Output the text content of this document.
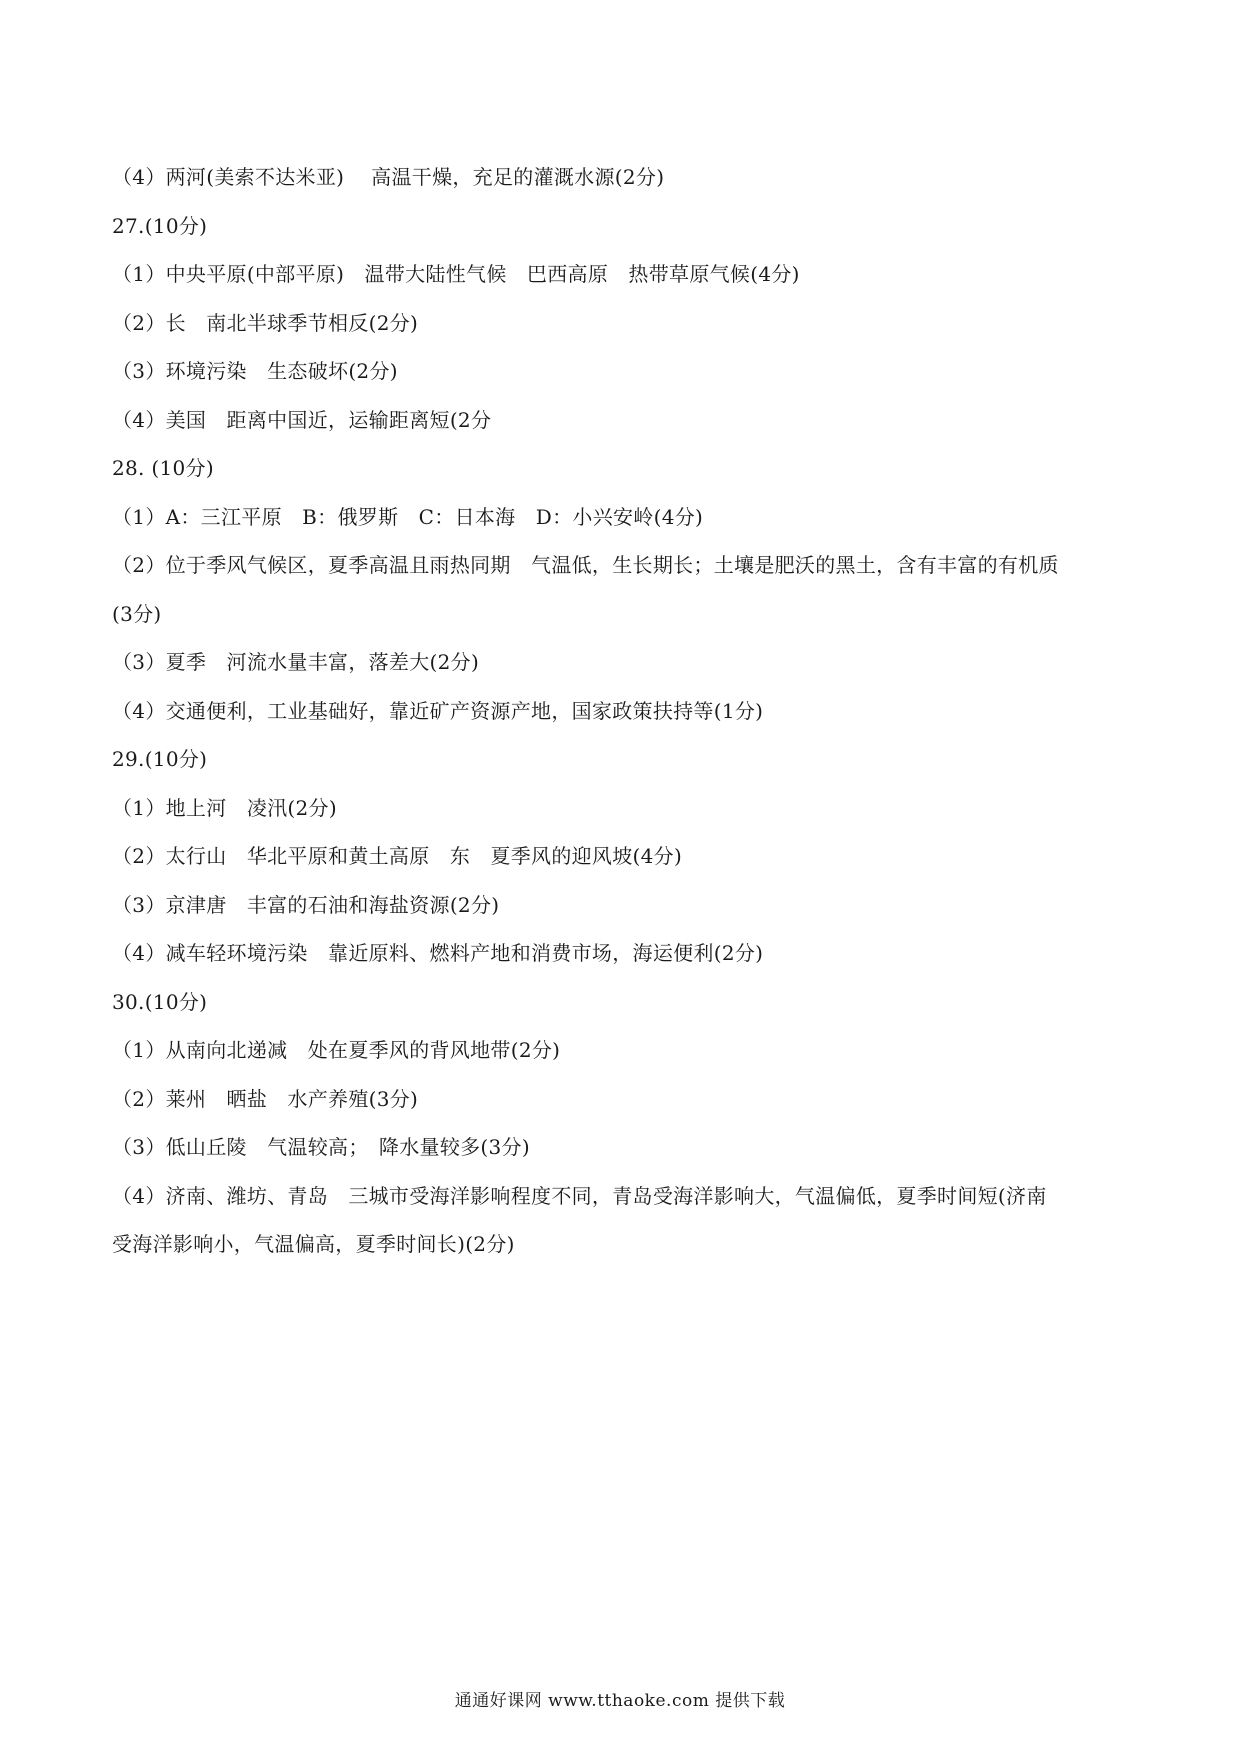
（4）两河(美索不达米亚)　 高温干燥，充足的灌溉水源(2分)
27.(10分)
（1）中央平原(中部平原)　温带大陆性气候　巴西高原　热带草原气候(4分)
（2）长　南北半球季节相反(2分)
（3）环境污染　生态破坏(2分)
（4）美国　距离中国近，运输距离短(2分
28. (10分)
（1）A：三江平原　B：俄罗斯　C：日本海　D：小兴安岭(4分)
（2）位于季风气候区，夏季高温且雨热同期　气温低，生长期长；土壤是肥沃的黑土，含有丰富的有机质
(3分)
（3）夏季　河流水量丰富，落差大(2分)
（4）交通便利，工业基础好，靠近矿产资源产地，国家政策扶持等(1分)
29.(10分)
（1）地上河　凌汛(2分)
（2）太行山　华北平原和黄土高原　东　夏季风的迎风坡(4分)
（3）京津唐　丰富的石油和海盐资源(2分)
（4）减车轻环境污染　靠近原料、燃料产地和消费市场，海运便利(2分)
30.(10分)
（1）从南向北递减　处在夏季风的背风地带(2分)
（2）莱州　晒盐　水产养殖(3分)
（3）低山丘陵　气温较高；　降水量较多(3分)
（4）济南、潍坊、青岛　三城市受海洋影响程度不同，青岛受海洋影响大，气温偏低，夏季时间短(济南
受海洋影响小，气温偏高，夏季时间长)(2分)
通通好课网 www.tthaoke.com 提供下载
